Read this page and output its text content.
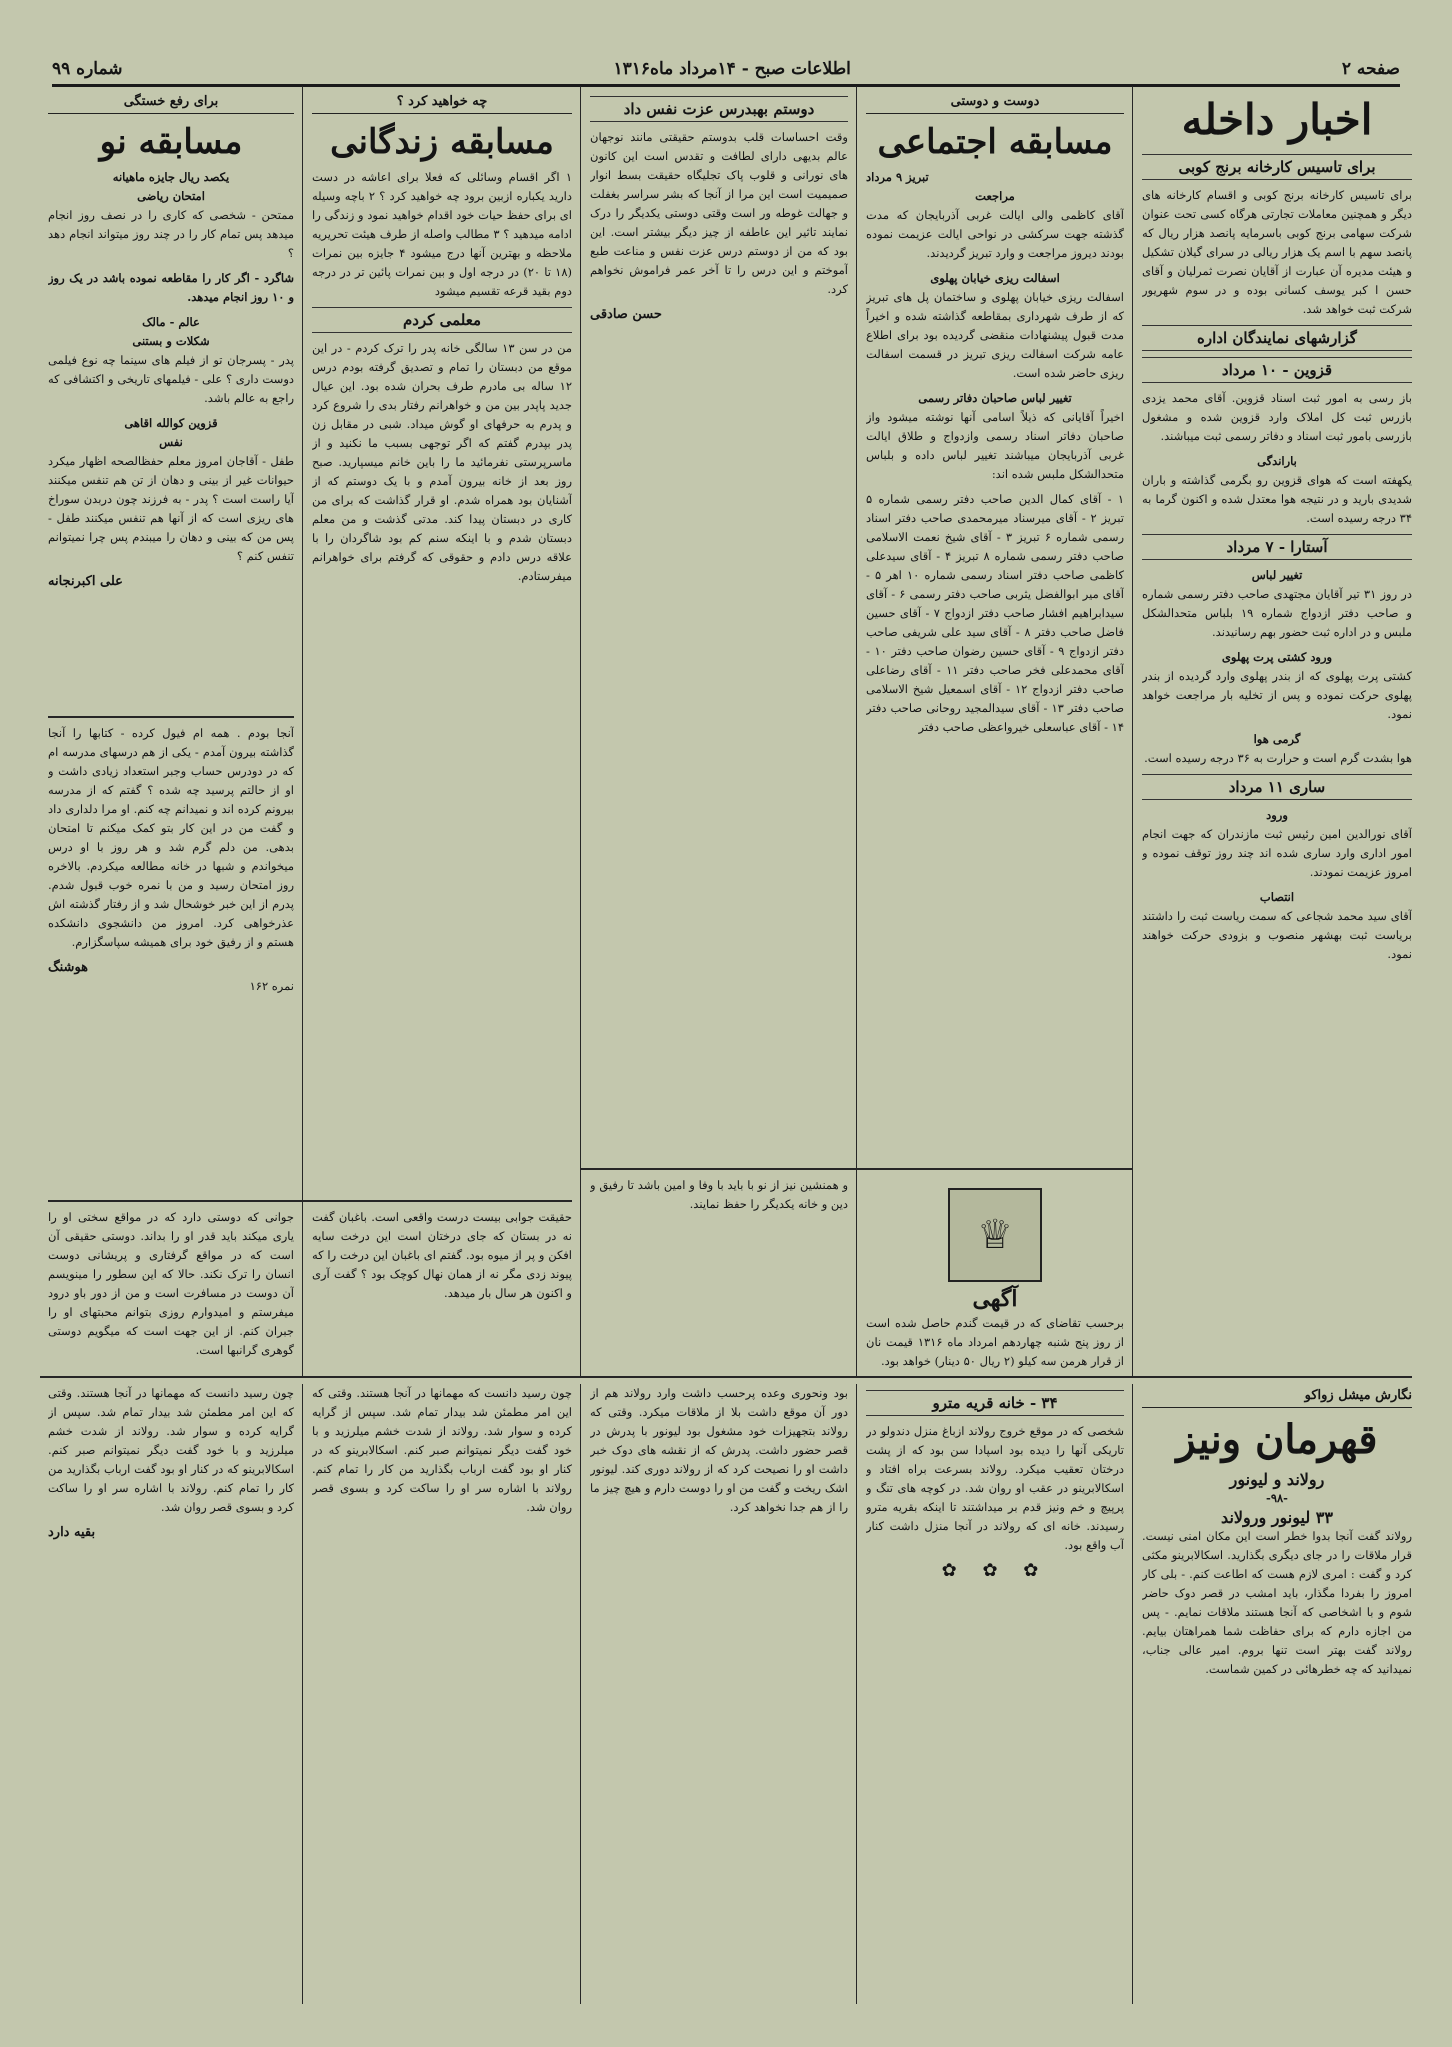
صفحه ۲
اطلاعات صبح - ۱۴مرداد ماه۱۳۱۶
شماره ۹۹
اخبار داخله
برای تاسیس کارخانه برنج کوبی

برای تاسیس کارخانه برنج کوبی و اقسام کارخانه های دیگر و همچنین معاملات تجارتی هرگاه کسی تحت عنوان شرکت سهامی برنج کوبی باسرمایه پانصد هزار ریال که پانصد سهم با اسم یک هزار ریالی در سرای گیلان تشکیل و هیئت مدیره آن عبارت از آقایان نصرت ثمرلیان و آقای حسن ا کبر یوسف کسانی بوده و در سوم شهریور شرکت ثبت خواهد شد.

گزارشهای نمایندگان اداره
قزوین - ۱۰ مرداد

باز رسی به امور ثبت اسناد قزوین. آقای محمد یزدی بازرس ثبت کل املاک وارد قزوین شده و مشغول بازرسی بامور ثبت اسناد و دفاتر رسمی ثبت میباشند.

باراندگی

یکهفته است که هوای قزوین رو بگرمی گذاشته و باران شدیدی بارید و در نتیجه هوا معتدل شده و اکنون گرما به ۳۴ درجه رسیده است.

آستارا - ۷ مرداد
تغییر لباس

در روز ۳۱ تیر آقایان مجتهدی صاحب دفتر رسمی شماره و صاحب دفتر ازدواج شماره ۱۹ بلباس متحدالشکل ملبس و در اداره ثبت حضور بهم رسانیدند.

ورود کشتی پرت پهلوی

کشتی پرت پهلوی که از بندر پهلوی وارد گردیده از بندر پهلوی حرکت نموده و پس از تخلیه بار مراجعت خواهد نمود.

گرمی هوا

هوا بشدت گرم است و حرارت به ۳۶ درجه رسیده است.

ساری ۱۱ مرداد
ورود

آقای نورالدین امین رئیس ثبت مازندران که جهت انجام امور اداری وارد ساری شده اند چند روز توقف نموده و امروز عزیمت نمودند.

انتصاب

آقای سید محمد شجاعی که سمت ریاست ثبت را داشتند بریاست ثبت بهشهر منصوب و بزودی حرکت خواهند نمود.

دوست و دوستی
مسابقه اجتماعی
تبریز ۹ مرداد
مراجعت

آقای کاظمی والی ایالت غربی آذربایجان که مدت گذشته جهت سرکشی در نواحی ایالت عزیمت نموده بودند دیروز مراجعت و وارد تبریز گردیدند.

اسفالت ریزی خیابان پهلوی

اسفالت ریزی خیابان پهلوی و ساختمان پل های تبریز که از طرف شهرداری بمقاطعه گذاشته شده و اخیراً مدت قبول پیشنهادات منقضی گردیده بود برای اطلاع عامه شرکت اسفالت ریزی تبریز در قسمت اسفالت ریزی حاضر شده است.

تغییر لباس صاحبان دفاتر رسمی

اخیراً آقایانی که ذیلاً اسامی آنها نوشته میشود واز صاحبان دفاتر اسناد رسمی وازدواج و طلاق ایالت غربی آذربایجان میباشند تغییر لباس داده و بلباس متحدالشکل ملبس شده اند:

۱ - آقای کمال الدین صاحب دفتر رسمی شماره ۵ تبریز ۲ - آقای میرسناد میرمحمدی صاحب دفتر اسناد رسمی شماره ۶ تبریز ۳ - آقای شیخ نعمت الاسلامی صاحب دفتر رسمی شماره ۸ تبریز ۴ - آقای سیدعلی کاظمی صاحب دفتر اسناد رسمی شماره ۱۰ اهر ۵ - آقای میر ابوالفضل یثربی صاحب دفتر رسمی ۶ - آقای سیدابراهیم افشار صاحب دفتر ازدواج ۷ - آقای حسین فاضل صاحب دفتر ۸ - آقای سید علی شریفی صاحب دفتر ازدواج ۹ - آقای حسین رضوان صاحب دفتر ۱۰ - آقای محمدعلی فخر صاحب دفتر ۱۱ - آقای رضاعلی صاحب دفتر ازدواج ۱۲ - آقای اسمعیل شیخ الاسلامی صاحب دفتر ۱۳ - آقای سیدالمجید روحانی صاحب دفتر ۱۴ - آقای عباسعلی خیرواعظی صاحب دفتر

دوستم بهبدرس عزت نفس داد

وقت احساسات قلب بدوستم حقیقتی مانند نوجهان عالم بدیهی دارای لطافت و تقدس است این کانون های نورانی و قلوب پاک تجلیگاه حقیقت بسط انوار صمیمیت است این مرا از آنجا که بشر سراسر بغفلت و جهالت غوطه ور است وقتی دوستی یکدیگر را درک نمایند تاثیر این عاطفه از چیز دیگر بیشتر است. این بود که من از دوستم درس عزت نفس و مناعت طبع آموختم و این درس را تا آخر عمر فراموش نخواهم کرد.

حسن صادقی
♕
آگهی

برحسب تقاضای که در قیمت گندم حاصل شده است از روز پنج شنبه چهاردهم امرداد ماه ۱۳۱۶ قیمت نان از قرار هرمن سه کیلو (۲ ریال ۵۰ دینار) خواهد بود.

چه خواهید کرد ؟
مسابقه زندگانی

۱ اگر اقسام وسائلی که فعلا برای اعاشه در دست دارید یکباره ازبین برود چه خواهید کرد ؟ ۲ باچه وسیله ای برای حفظ حیات خود اقدام خواهید نمود و زندگی را ادامه میدهید ؟ ۳ مطالب واصله از طرف هیئت تحریریه ملاحظه و بهترین آنها درج میشود ۴ جایزه بین نمرات (۱۸ تا ۲۰) در درجه اول و بین نمرات پائین تر در درجه دوم بقید قرعه تقسیم میشود

معلمی کردم

من در سن ۱۳ سالگی خانه پدر را ترک کردم - در این موقع من دبستان را تمام و تصدیق گرفته بودم درس ۱۲ ساله بی مادرم طرف بحران شده بود. این عیال جدید پاپدر بین من و خواهرانم رفتار بدی را شروع کرد و پدرم به حرفهای او گوش میداد. شبی در مقابل زن پدر بپدرم گفتم که اگر توجهی بسبب ما نکنید و از ماسرپرستی نفرمائید ما را باین خانم میسپارید. صبح روز بعد از خانه بیرون آمدم و با یک دوستم که از آشنایان بود همراه شدم. او قرار گذاشت که برای من کاری در دبستان پیدا کند. مدتی گذشت و من معلم دبستان شدم و با اینکه سنم کم بود شاگردان را با علاقه درس دادم و حقوقی که گرفتم برای خواهرانم میفرستادم.

برای رفع خستگی
مسابقه نو
یکصد ریال جایزه ماهیانه
امتحان ریاضی

ممتحن - شخصی که کاری را در نصف روز انجام میدهد پس تمام کار را در چند روز میتواند انجام دهد ؟

شاگرد - اگر کار را مقاطعه نموده باشد در یک روز و ۱۰ روز انجام میدهد.

عالم - مالک
شکلات و بستنی

پدر - پسرجان تو از فیلم های سینما چه نوع فیلمی دوست داری ؟ علی - فیلمهای تاریخی و اکتشافی که راجع به عالم باشد.

قزوین کوالله اقاهی
نفس

طفل - آقاجان امروز معلم حفظالصحه اظهار میکرد حیوانات غیر از بینی و دهان از تن هم تنفس میکنند آیا راست است ؟ پدر - به فرزند چون دربدن سوراخ های ریزی است که از آنها هم تنفس میکنند طفل - پس من که بینی و دهان را میبندم پس چرا نمیتوانم تنفس کنم ؟

علی اکبرنجانه

آنجا بودم . همه ام فیول کرده - کتابها را آنجا گذاشته بیرون آمدم - یکی از هم درسهای مدرسه ام که در دودرس حساب وجبر استعداد زیادی داشت و او از حالتم پرسید چه شده ؟ گفتم که از مدرسه بیرونم کرده اند و نمیدانم چه کنم. او مرا دلداری داد و گفت من در این کار بتو کمک میکنم تا امتحان بدهی. من دلم گرم شد و هر روز با او درس میخواندم و شبها در خانه مطالعه میکردم. بالاخره روز امتحان رسید و من با نمره خوب قبول شدم. پدرم از این خبر خوشحال شد و از رفتار گذشته اش عذرخواهی کرد. امروز من دانشجوی دانشکده هستم و از رفیق خود برای همیشه سپاسگزارم.

هوشنگ
نمره ۱۶۲

جوانی که دوستی دارد که در مواقع سختی او را یاری میکند باید قدر او را بداند. دوستی حقیقی آن است که در مواقع گرفتاری و پریشانی دوست انسان را ترک نکند. حالا که این سطور را مینویسم آن دوست در مسافرت است و من از دور باو درود میفرستم و امیدوارم روزی بتوانم محبتهای او را جبران کنم. از این جهت است که میگویم دوستی گوهری گرانبها است.

حقیقت جوابی بیست درست واقعی است. باغبان گفت نه در بستان که جای درختان است این درخت سایه افکن و پر از میوه بود. گفتم ای باغبان این درخت را که پیوند زدی مگر نه از همان نهال کوچک بود ؟ گفت آری و اکنون هر سال بار میدهد.

و همنشین نیز از نو با باید با وفا و امین باشد تا رفیق و دین و خانه یکدیگر را حفظ نمایند.

نگارش میشل زواکو
قهرمان ونیز
رولاند و لیونور
-۹۸-
۳۳ لیونور ورولاند

رولاند گفت آنجا بدوا خطر است این مکان امنی نیست. قرار ملاقات را در جای دیگری بگذارید. اسکالابرینو مکثی کرد و گفت : امری لازم هست که اطاعت کنم. - بلی کار امروز را بفردا مگذار، باید امشب در قصر دوک حاضر شوم و با اشخاصی که آنجا هستند ملاقات نمایم. - پس من اجازه دارم که برای حفاظت شما همراهتان بیایم. رولاند گفت بهتر است تنها بروم. امیر عالی جناب، نمیدانید که چه خطرهائی در کمین شماست.

۳۴ - خانه قریه مترو

شخصی که در موقع خروج رولاند ازباغ منزل دندولو در تاریکی آنها را دیده بود اسپادا سن بود که از پشت درختان تعقیب میکرد. رولاند بسرعت براه افتاد و اسکالابرینو در عقب او روان شد. در کوچه های تنگ و پرپیچ و خم ونیز قدم بر میداشتند تا اینکه بقریه مترو رسیدند. خانه ای که رولاند در آنجا منزل داشت کنار آب واقع بود.

✿ ✿ ✿

بود ونحوری وعده پرحسب داشت وارد رولاند هم از دور آن موقع داشت بلا از ملاقات میکرد. وقتی که رولاند بتجهیزات خود مشغول بود لیونور با پدرش در قصر حضور داشت. پدرش که از نقشه های دوک خبر داشت او را نصیحت کرد که از رولاند دوری کند. لیونور اشک ریخت و گفت من او را دوست دارم و هیچ چیز ما را از هم جدا نخواهد کرد.

چون رسید دانست که مهمانها در آنجا هستند. وقتی که این امر مطمئن شد بیدار تمام شد. سپس از گرایه کرده و سوار شد. رولاند از شدت خشم میلرزید و با خود گفت دیگر نمیتوانم صبر کنم. اسکالابرینو که در کنار او بود گفت ارباب بگذارید من کار را تمام کنم. رولاند با اشاره سر او را ساکت کرد و بسوی قصر روان شد.

چون رسید دانست که مهمانها در آنجا هستند. وقتی که این امر مطمئن شد بیدار تمام شد. سپس از گرایه کرده و سوار شد. رولاند از شدت خشم میلرزید و با خود گفت دیگر نمیتوانم صبر کنم. اسکالابرینو که در کنار او بود گفت ارباب بگذارید من کار را تمام کنم. رولاند با اشاره سر او را ساکت کرد و بسوی قصر روان شد.

بقیه دارد
